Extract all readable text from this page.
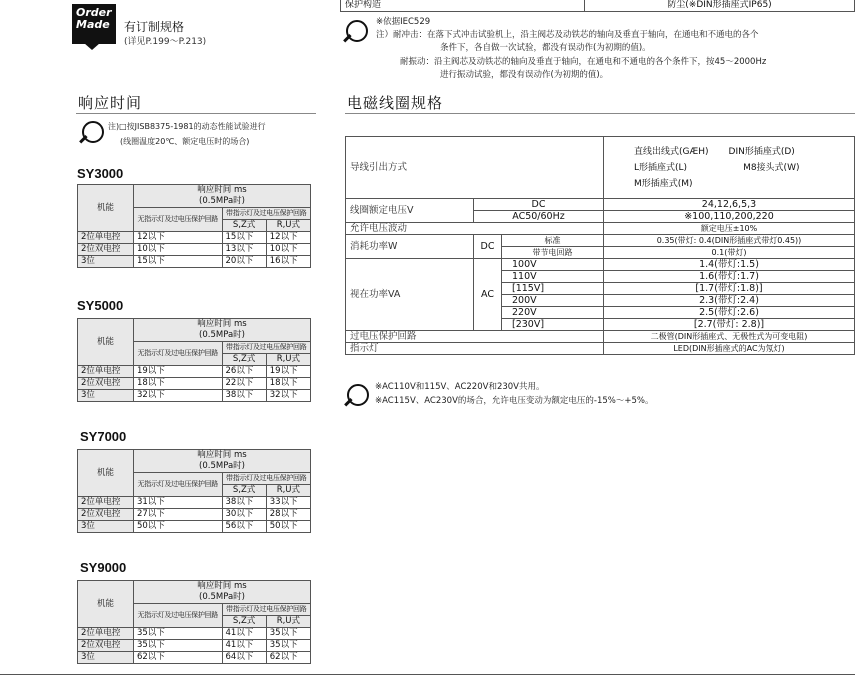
保护构造	防尘(※DIN形插座式IP65)
Order Made	有订制规格
(详见P.199〜P.213)
※依据IEC529
注）耐冲击：在落下式冲击试验机上，沿主阀芯及动铁芯的轴向及垂直于轴向，在通电和不通电的各个
条件下，各自做一次试验，都没有误动作(为初期的值)。
耐振动：沿主阀芯及动铁芯的轴向及垂直于轴向，在通电和不通电的各个条件下，按45〜2000Hz
进行振动试验，都没有误动作(为初期的值)。
响应时间
注)□按JISB8375-1981的动态性能试验进行
(线圈温度20℃、额定电压时的场合)
电磁线圈规格
SY3000
机能	响应时间 ms
(0.5MPa时)		
	无指示灯及过电压保护回路	带指示灯及过电压保护回路	
		S,Z式	R,U式
2位单电控	12以下	15以下	12以下
2位双电控	10以下	13以下	10以下
3位	15以下	20以下	16以下
SY5000
机能	响应时间 ms
(0.5MPa时)		
	无指示灯及过电压保护回路	带指示灯及过电压保护回路	
		S,Z式	R,U式
2位单电控	19以下	26以下	19以下
2位双电控	18以下	22以下	18以下
3位	32以下	38以下	32以下
SY7000
机能	响应时间 ms
(0.5MPa时)		
	无指示灯及过电压保护回路	带指示灯及过电压保护回路	
		S,Z式	R,U式
2位单电控	31以下	38以下	33以下
2位双电控	27以下	30以下	28以下
3位	50以下	56以下	50以下
SY9000
机能	响应时间 ms
(0.5MPa时)		
	无指示灯及过电压保护回路	带指示灯及过电压保护回路	
		S,Z式	R,U式
2位单电控	35以下	41以下	35以下
2位双电控	35以下	41以下	35以下
3位	62以下	64以下	62以下
导线引出方式			直线出线式(GÆH) DIN形插座式(D)
L形插座式(L) M8接头式(W)
M形插座式(M)
线圈额定电压V	DC		24,12,6,5,3
	AC50/60Hz		※100,110,200,220
允许电压波动			额定电压±10%
消耗功率W	DC	标准	0.35(带灯: 0.4(DIN形插座式带灯0.45))
		带节电回路	0.1(带灯)
视在功率VA	AC	100V	1.4(带灯:1.5)
		110V	1.6(带灯:1.7)
		[115V]	[1.7(带灯:1.8)]
		200V	2.3(带灯:2.4)
		220V	2.5(带灯:2.6)
		[230V]	[2.7(带灯: 2.8)]
过电压保护回路			二极管(DIN形插座式、无极性式为可变电阻)
指示灯			LED(DIN形插座式的AC为氖灯)
※AC110V和115V、AC220V和230V共用。
※AC115V、AC230V的场合，允许电压变动为额定电压的-15%〜+5%。
